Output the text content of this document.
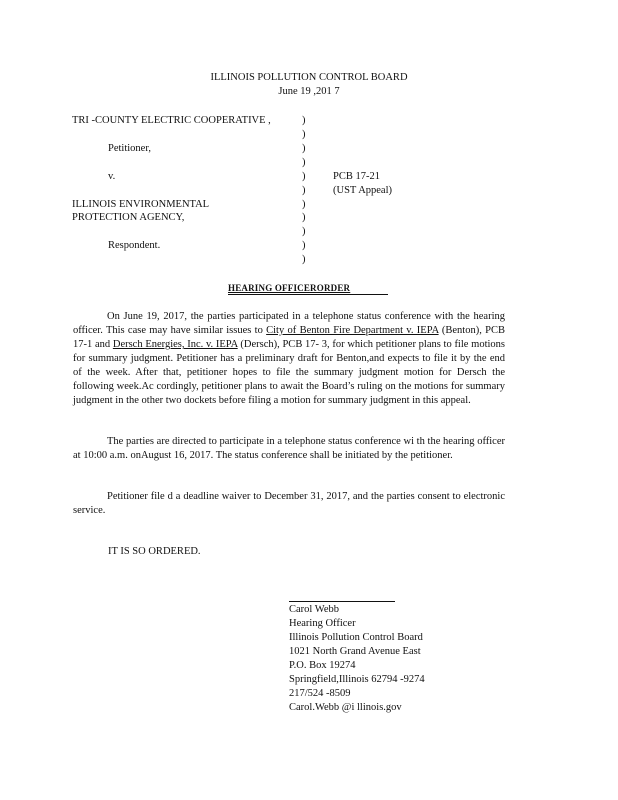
ILLINOIS POLLUTION CONTROL BOARD
June 19 ,201 7
TRI -COUNTY ELECTRIC COOPERATIVE ,
Petitioner,
v.
ILLINOIS ENVIRONMENTAL
PROTECTION AGENCY,
Respondent.
)
)
)
)
)
)
)
)
)
)
)
PCB 17-21
(UST Appeal)
HEARING OFFICERORDER
On June 19, 2017, the parties participated in a telephone status conference with the hearing officer. This case may have similar issues to City of Benton Fire Department v. IEPA (Benton), PCB 17-1 and Dersch Energies, Inc. v. IEPA (Dersch), PCB 17- 3, for which petitioner plans to file motions for summary judgment. Petitioner has a preliminary draft for Benton,and expects to file it by the end of the week. After that, petitioner hopes to file the summary judgment motion for Dersch the following week.Ac cordingly, petitioner plans to await the Board’s ruling on the motions for summary judgment in the other two dockets before filing a motion for summary judgment in this appeal.
The parties are directed to participate in a telephone status conference wi th the hearing officer at 10:00 a.m. onAugust 16, 2017. The status conference shall be initiated by the petitioner.
Petitioner file d a deadline waiver to December 31, 2017, and the parties consent to electronic service.
IT IS SO ORDERED.
Carol Webb
Hearing Officer
Illinois Pollution Control Board
1021 North Grand Avenue East
P.O. Box 19274
Springfield,Illinois 62794 -9274
217/524 -8509
Carol.Webb @i llinois.gov
